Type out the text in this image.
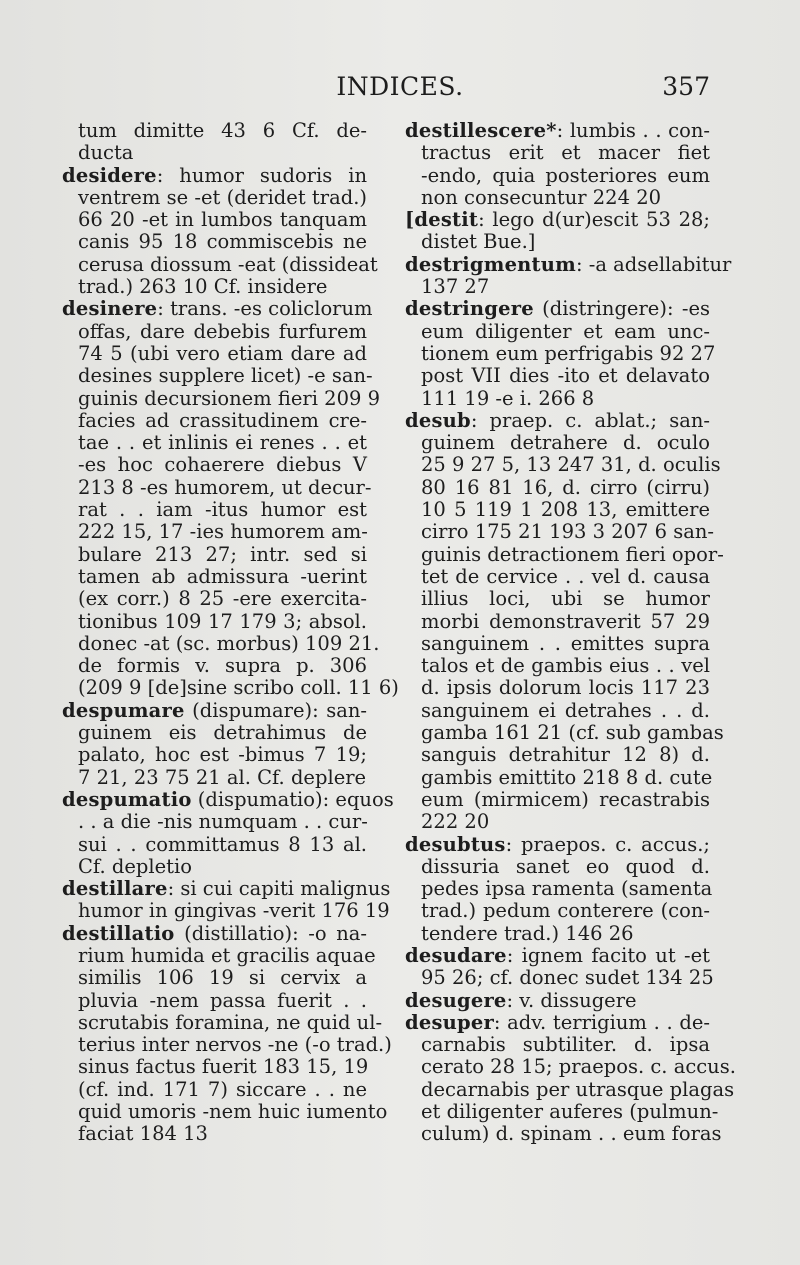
INDICES.	357
tum dimitte 43 6 Cf. de-
ducta
desidere: humor sudoris in
ventrem se -et (deridet trad.)
66 20 -et in lumbos tanquam
canis 95 18 commiscebis ne
cerusa diossum -eat (dissideat
trad.) 263 10 Cf. insidere
desinere: trans. -es coliclorum
offas, dare debebis furfurem
74 5 (ubi vero etiam dare ad
desines supplere licet) -e san-
guinis decursionem fieri 209 9
facies ad crassitudinem cre-
tae . . et inlinis ei renes . . et
-es hoc cohaerere diebus V
213 8 -es humorem, ut decur-
rat . . iam -itus humor est
222 15, 17 -ies humorem am-
bulare 213 27; intr. sed si
tamen ab admissura -uerint
(ex corr.) 8 25 -ere exercita-
tionibus 109 17 179 3; absol.
donec -at (sc. morbus) 109 21.
de formis v. supra p. 306
(209 9 [de]sine scribo coll. 11 6)
despumare (dispumare): san-
guinem eis detrahimus de
palato, hoc est -bimus 7 19;
7 21, 23 75 21 al. Cf. deplere
despumatio (dispumatio): equos
. . a die -nis numquam . . cur-
sui . . committamus 8 13 al.
Cf. depletio
destillare: si cui capiti malignus
humor in gingivas -verit 176 19
destillatio (distillatio): -o na-
rium humida et gracilis aquae
similis 106 19 si cervix a
pluvia -nem passa fuerit . .
scrutabis foramina, ne quid ul-
terius inter nervos -ne (-o trad.)
sinus factus fuerit 183 15, 19
(cf. ind. 171 7) siccare . . ne
quid umoris -nem huic iumento
faciat 184 13
destillescere*: lumbis . . con-
tractus erit et macer fiet
-endo, quia posteriores eum
non consecuntur 224 20
[destit: lego d(ur)escit 53 28;
distet Bue.]
destrigmentum: -a adsellabitur
137 27
destringere (distringere): -es
eum diligenter et eam unc-
tionem eum perfrigabis 92 27
post VII dies -ito et delavato
111 19 -e i. 266 8
desub: praep. c. ablat.; san-
guinem detrahere d. oculo
25 9 27 5, 13 247 31, d. oculis
80 16 81 16, d. cirro (cirru)
10 5 119 1 208 13, emittere
cirro 175 21 193 3 207 6 san-
guinis detractionem fieri opor-
tet de cervice . . vel d. causa
illius loci, ubi se humor
morbi demonstraverit 57 29
sanguinem . . emittes supra
talos et de gambis eius . . vel
d. ipsis dolorum locis 117 23
sanguinem ei detrahes . . d.
gamba 161 21 (cf. sub gambas
sanguis detrahitur 12 8) d.
gambis emittito 218 8 d. cute
eum (mirmicem) recastrabis
222 20
desubtus: praepos. c. accus.;
dissuria sanet eo quod d.
pedes ipsa ramenta (samenta
trad.) pedum conterere (con-
tendere trad.) 146 26
desudare: ignem facito ut -et
95 26; cf. donec sudet 134 25
desugere: v. dissugere
desuper: adv. terrigium . . de-
carnabis subtiliter. d. ipsa
cerato 28 15; praepos. c. accus.
decarnabis per utrasque plagas
et diligenter auferes (pulmun-
culum) d. spinam . . eum foras
